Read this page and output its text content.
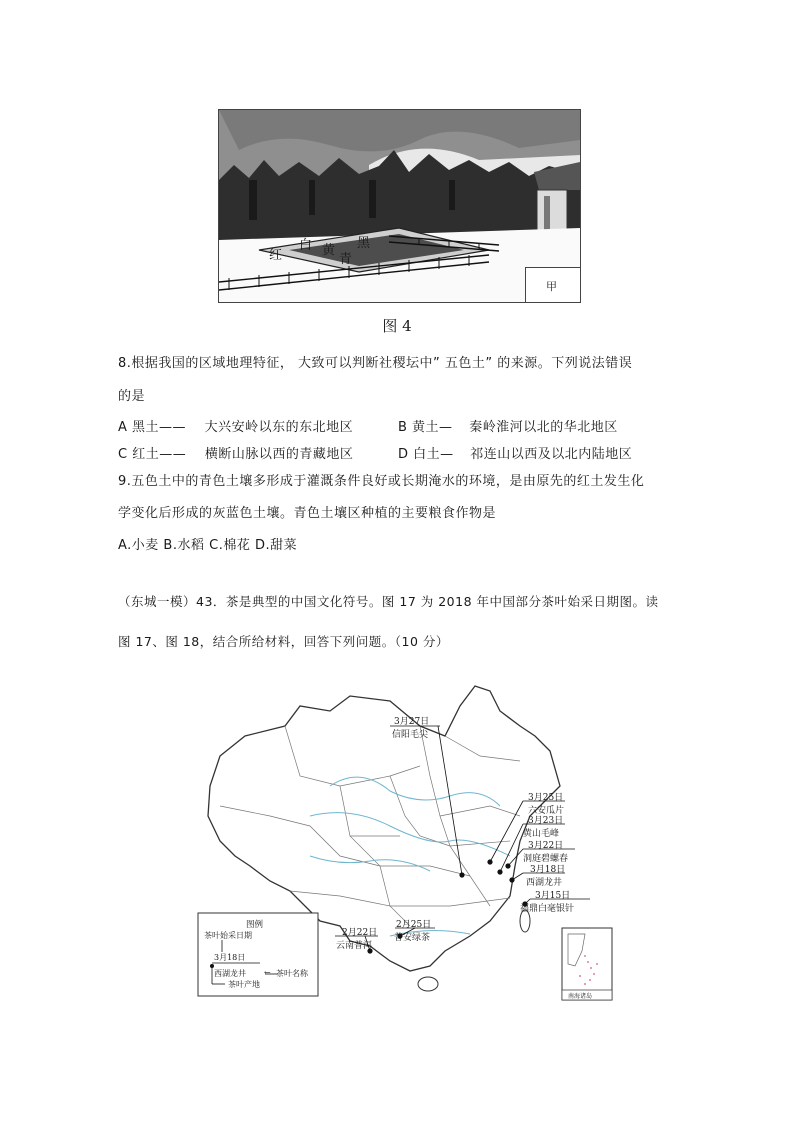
红
白 黄
青
黑
甲
图 4
8.根据我国的区域地理特征， 大致可以判断社稷坛中” 五色土” 的来源。下列说法错误
的是
A 黑土—— 大兴安岭以东的东北地区	B 黄土— 秦岭淮河以北的华北地区
C 红土—— 横断山脉以西的青藏地区	D 白土— 祁连山以西及以北内陆地区
9.五色土中的青色土壤多形成于灌溉条件良好或长期淹水的环境，是由原先的红土发生化
学变化后形成的灰蓝色土壤。青色土壤区种植的主要粮食作物是
A.小麦 B.水稻 C.棉花 D.甜菜
（东城一模）43．茶是典型的中国文化符号。图 17 为 2018 年中国部分茶叶始采日期图。读
图 17、图 18，结合所给材料，回答下列问题。（10 分）
3月27日
信阳毛尖
3月25日
六安瓜片
3月23日
黄山毛峰
3月22日
洞庭碧螺春
3月18日
西湖龙井
3月15日
福鼎白毫银针
2月25日
普安绿茶
2月22日
云南普洱
图例
茶叶始采日期
3月18日
西湖龙井 ← 茶叶名称
茶叶产地
南海诸岛
